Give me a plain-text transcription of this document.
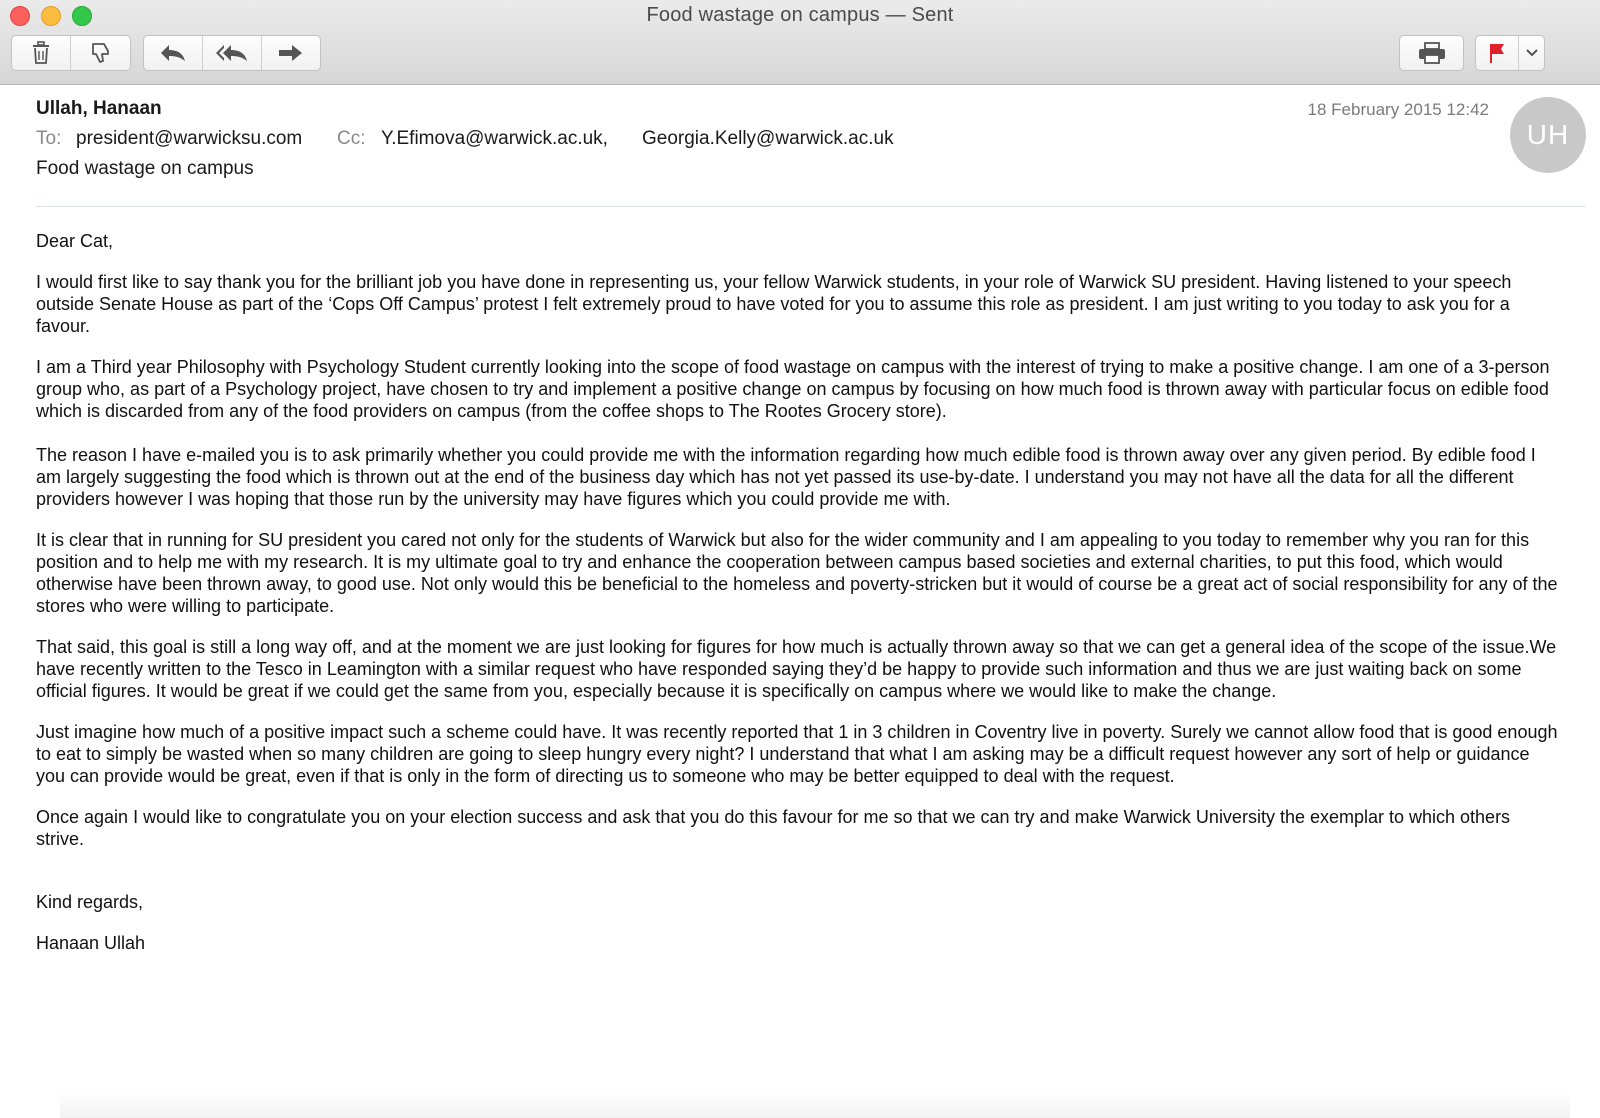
Food wastage on campus — Sent
Ullah, Hanaan	18 February 2015 12:42
UH
To: president@warwicksu.com Cc: Y.Efimova@warwick.ac.uk, Georgia.Kelly@warwick.ac.uk
Food wastage on campus

Dear Cat,

I would first like to say thank you for the brilliant job you have done in representing us, your fellow Warwick students, in your role of Warwick SU president. Having listened to your speech outside Senate House as part of the ‘Cops Off Campus’ protest I felt extremely proud to have voted for you to assume this role as president. I am just writing to you today to ask you for a favour.

I am a Third year Philosophy with Psychology Student currently looking into the scope of food wastage on campus with the interest of trying to make a positive change. I am one of a 3-person group who, as part of a Psychology project, have chosen to try and implement a positive change on campus by focusing on how much food is thrown away with particular focus on edible food which is discarded from any of the food providers on campus (from the coffee shops to The Rootes Grocery store).

The reason I have e-mailed you is to ask primarily whether you could provide me with the information regarding how much edible food is thrown away over any given period. By edible food I am largely suggesting the food which is thrown out at the end of the business day which has not yet passed its use-by-date. I understand you may not have all the data for all the different providers however I was hoping that those run by the university may have figures which you could provide me with.

It is clear that in running for SU president you cared not only for the students of Warwick but also for the wider community and I am appealing to you today to remember why you ran for this position and to help me with my research. It is my ultimate goal to try and enhance the cooperation between campus based societies and external charities, to put this food, which would otherwise have been thrown away, to good use. Not only would this be beneficial to the homeless and poverty-stricken but it would of course be a great act of social responsibility for any of the stores who were willing to participate.

That said, this goal is still a long way off, and at the moment we are just looking for figures for how much is actually thrown away so that we can get a general idea of the scope of the issue.We have recently written to the Tesco in Leamington with a similar request who have responded saying they’d be happy to provide such information and thus we are just waiting back on some official figures. It would be great if we could get the same from you, especially because it is specifically on campus where we would like to make the change.

Just imagine how much of a positive impact such a scheme could have. It was recently reported that 1 in 3 children in Coventry live in poverty. Surely we cannot allow food that is good enough to eat to simply be wasted when so many children are going to sleep hungry every night? I understand that what I am asking may be a difficult request however any sort of help or guidance you can provide would be great, even if that is only in the form of directing us to someone who may be better equipped to deal with the request.

Once again I would like to congratulate you on your election success and ask that you do this favour for me so that we can try and make Warwick University the exemplar to which others strive.

Kind regards,

Hanaan Ullah
